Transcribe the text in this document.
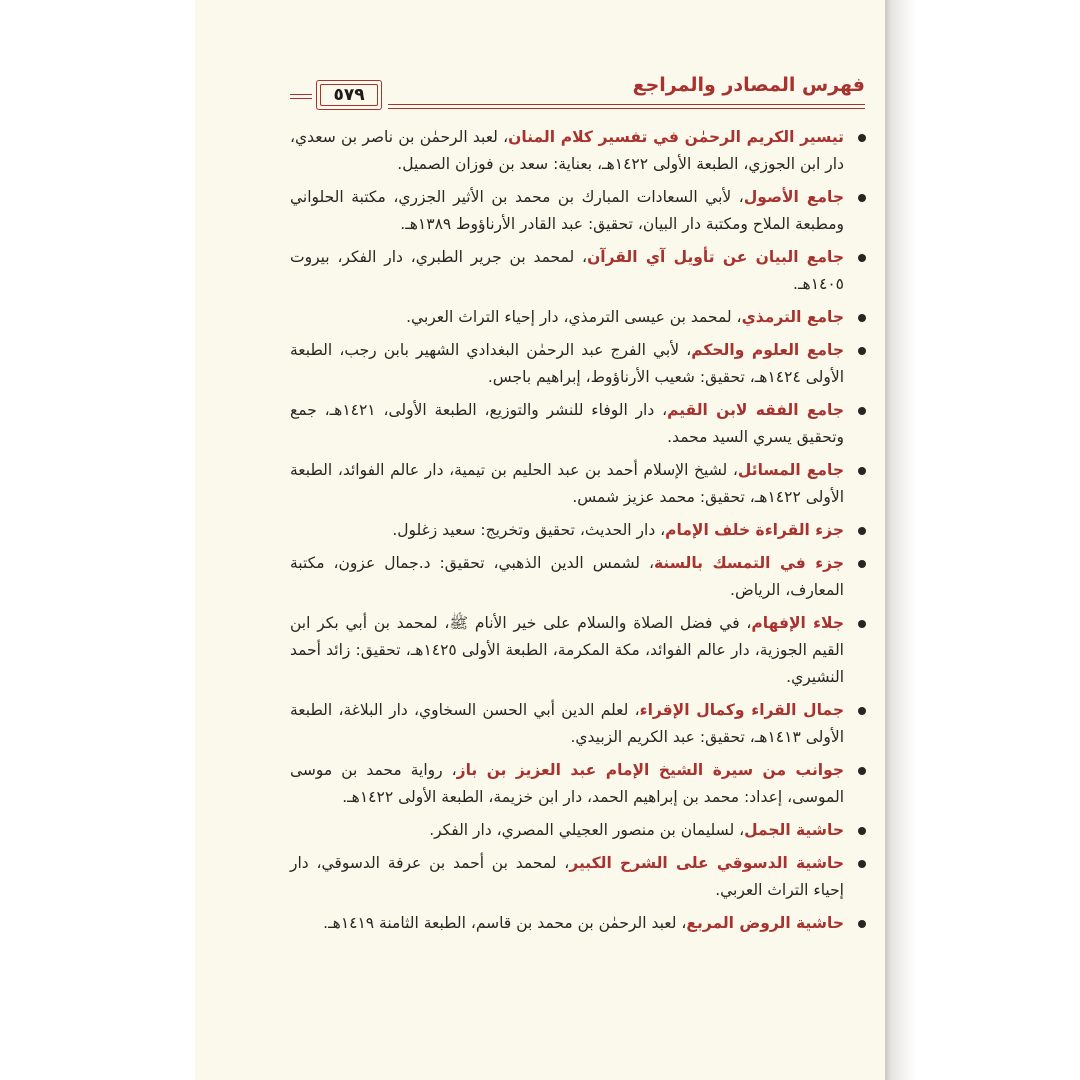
فهرس المصادر والمراجع
٥٧٩
تيسير الكريم الرحمٰن في تفسير كلام المنان، لعبد الرحمٰن بن ناصر بن سعدي، دار ابن الجوزي، الطبعة الأولى ١٤٢٢هـ، بعناية: سعد بن فوزان الصميل.
جامع الأصول، لأبي السعادات المبارك بن محمد بن الأثير الجزري، مكتبة الحلواني ومطبعة الملاح ومكتبة دار البيان، تحقيق: عبد القادر الأرناؤوط ١٣٨٩هـ.
جامع البيان عن تأويل آي القرآن، لمحمد بن جرير الطبري، دار الفكر، بيروت ١٤٠٥هـ.
جامع الترمذي، لمحمد بن عيسى الترمذي، دار إحياء التراث العربي.
جامع العلوم والحكم، لأبي الفرج عبد الرحمٰن البغدادي الشهير بابن رجب، الطبعة الأولى ١٤٢٤هـ، تحقيق: شعيب الأرناؤوط، إبراهيم باجس.
جامع الفقه لابن القيم، دار الوفاء للنشر والتوزيع، الطبعة الأولى، ١٤٢١هـ، جمع وتحقيق يسري السيد محمد.
جامع المسائل، لشيخ الإسلام أحمد بن عبد الحليم بن تيمية، دار عالم الفوائد، الطبعة الأولى ١٤٢٢هـ، تحقيق: محمد عزيز شمس.
جزء القراءة خلف الإمام، دار الحديث، تحقيق وتخريج: سعيد زغلول.
جزء في التمسك بالسنة، لشمس الدين الذهبي، تحقيق: د.جمال عزون، مكتبة المعارف، الرياض.
جلاء الإفهام، في فضل الصلاة والسلام على خير الأنام ﷺ، لمحمد بن أبي بكر ابن القيم الجوزية، دار عالم الفوائد، مكة المكرمة، الطبعة الأولى ١٤٢٥هـ، تحقيق: زائد أحمد النشيري.
جمال القراء وكمال الإقراء، لعلم الدين أبي الحسن السخاوي، دار البلاغة، الطبعة الأولى ١٤١٣هـ، تحقيق: عبد الكريم الزبيدي.
جوانب من سيرة الشيخ الإمام عبد العزيز بن باز، رواية محمد بن موسى الموسى، إعداد: محمد بن إبراهيم الحمد، دار ابن خزيمة، الطبعة الأولى ١٤٢٢هـ.
حاشية الجمل، لسليمان بن منصور العجيلي المصري، دار الفكر.
حاشية الدسوقي على الشرح الكبير، لمحمد بن أحمد بن عرفة الدسوقي، دار إحياء التراث العربي.
حاشية الروض المربع، لعبد الرحمٰن بن محمد بن قاسم، الطبعة الثامنة ١٤١٩هـ.
